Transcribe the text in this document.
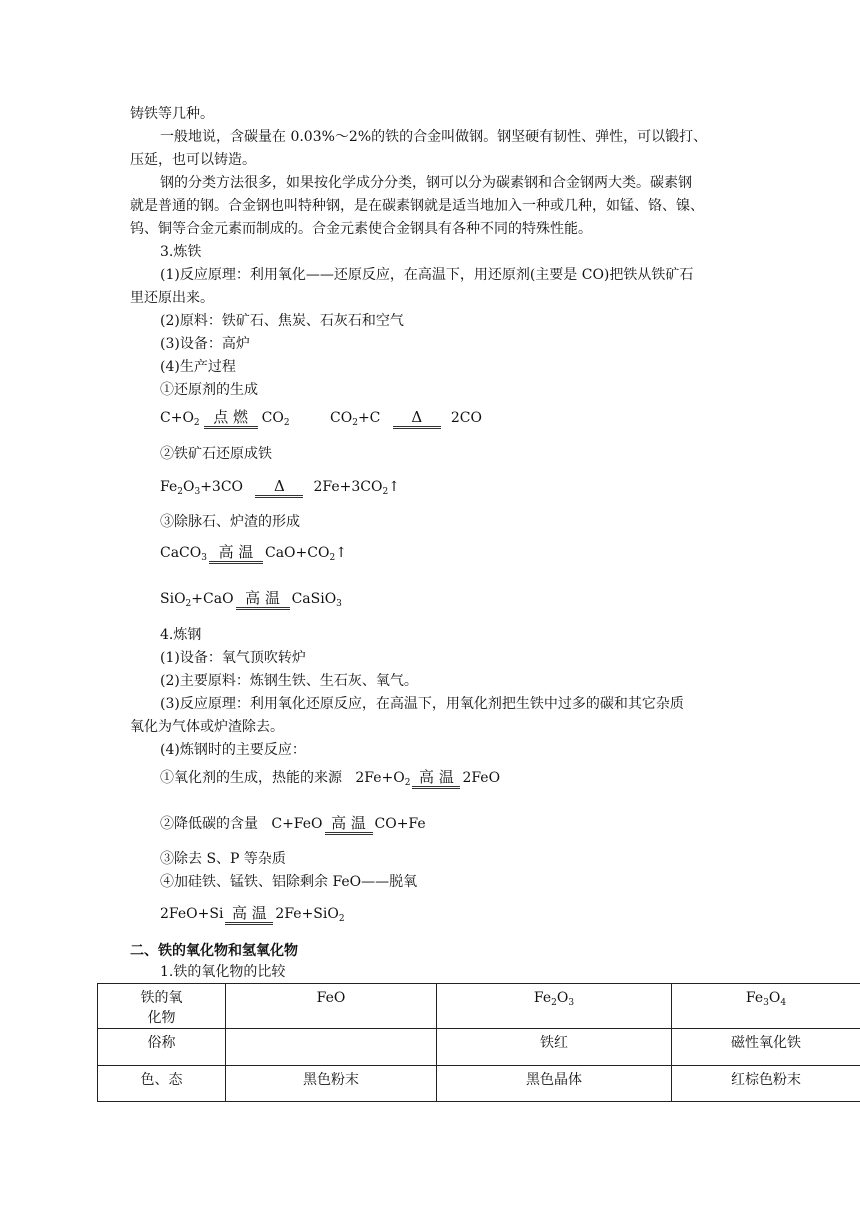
铸铁等几种。
一般地说，含碳量在 0.03%～2%的铁的合金叫做钢。钢坚硬有韧性、弹性，可以锻打、
压延，也可以铸造。
钢的分类方法很多，如果按化学成分分类，钢可以分为碳素钢和合金钢两大类。碳素钢
就是普通的钢。合金钢也叫特种钢，是在碳素钢就是适当地加入一种或几种，如锰、铬、镍、
钨、铜等合金元素而制成的。合金元素使合金钢具有各种不同的特殊性能。
3.炼铁
(1)反应原理：利用氧化——还原反应，在高温下，用还原剂(主要是 CO)把铁从铁矿石
里还原出来。
(2)原料：铁矿石、焦炭、石灰石和空气
(3)设备：高炉
(4)生产过程
①还原剂的生成
$C+O_2$ 点 燃 $CO_2$	$CO_2+C$ Δ 2CO
②铁矿石还原成铁
$Fe_2O_3+3CO$ Δ $2Fe+3CO_2↑$
③除脉石、炉渣的形成
CaCO$_3$ 高 温 $CaO+CO_2↑$
SiO$_2$+CaO 高 温 CaSiO$_3$
4.炼钢
(1)设备：氧气顶吹转炉
(2)主要原料：炼钢生铁、生石灰、氧气。
(3)反应原理：利用氧化还原反应，在高温下，用氧化剂把生铁中过多的碳和其它杂质
氧化为气体或炉渣除去。
(4)炼钢时的主要反应：
①氧化剂的生成，热能的来源   $2Fe+O_2$ 高 温 2FeO
②降低碳的含量   C+FeO 高 温 CO+Fe
③除去 S、P 等杂质
④加硅铁、锰铁、铝除剩余 FeO——脱氧
2FeO+Si 高 温 2Fe+SiO$_2$
二、铁的氧化物和氢氧化物
1.铁的氧化物的比较
铁的氧
化物	FeO	$Fe_2O_3$	$Fe_3O_4$
俗称		铁红	磁性氧化铁
色、态	黑色粉末	黑色晶体	红棕色粉末
